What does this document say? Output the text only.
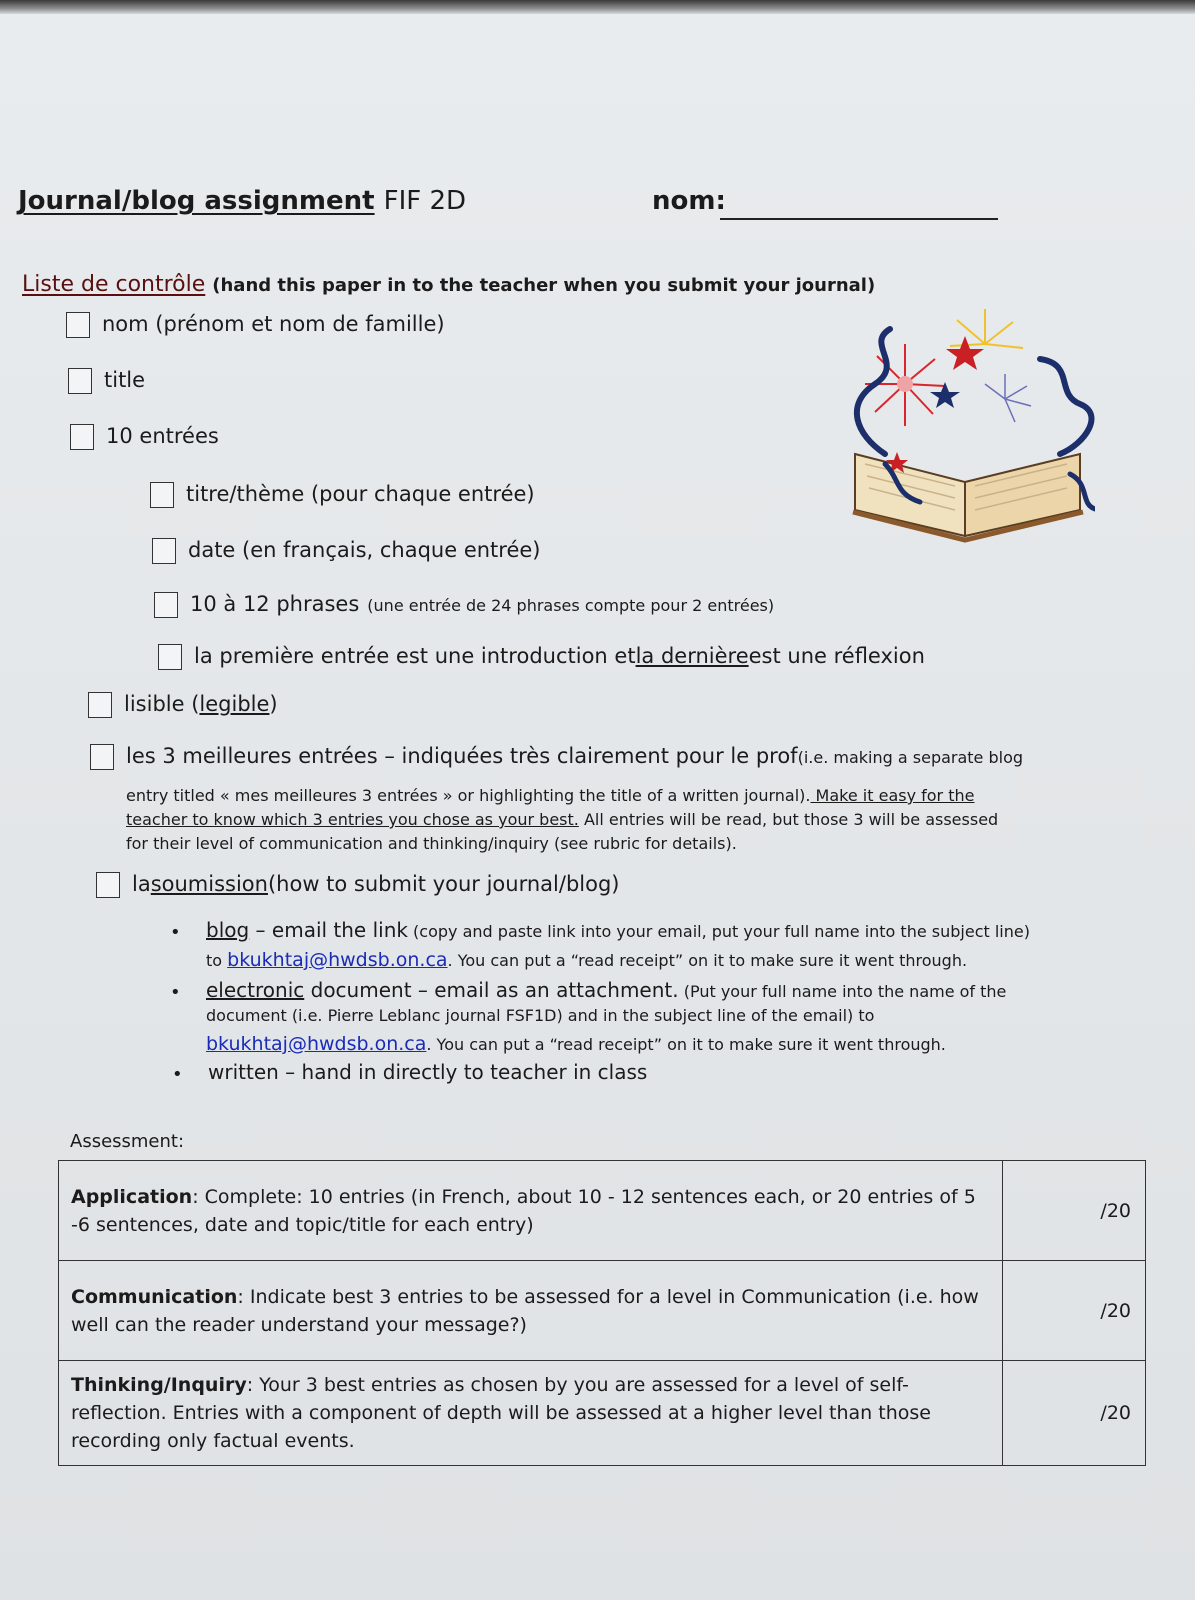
Journal/blog assignment FIF 2D	nom:
Liste de contrôle (hand this paper in to the teacher when you submit your journal)
nom (prénom et nom de famille)
title
10 entrées
titre/thème (pour chaque entrée)
date (en français, chaque entrée)
10 à 12 phrases (une entrée de 24 phrases compte pour 2 entrées)
la première entrée est une introduction et la dernière est une réflexion
lisible ( legible )
les 3 meilleures entrées – indiquées très clairement pour le prof (i.e. making a separate blog
entry titled « mes meilleures 3 entrées » or highlighting the title of a written journal). Make it easy for the
teacher to know which 3 entries you chose as your best. All entries will be read, but those 3 will be assessed
for their level of communication and thinking/inquiry (see rubric for details).
la soumission (how to submit your journal/blog)
• blog – email the link (copy and paste link into your email, put your full name into the subject line)
to bkukhtaj@hwdsb.on.ca. You can put a “read receipt” on it to make sure it went through.
• electronic document – email as an attachment. (Put your full name into the name of the
document (i.e. Pierre Leblanc journal FSF1D) and in the subject line of the email) to
bkukhtaj@hwdsb.on.ca. You can put a “read receipt” on it to make sure it went through.
• written – hand in directly to teacher in class
Assessment:
Application: Complete: 10 entries (in French, about 10 - 12 sentences each, or 20 entries of 5 -6 sentences, date and topic/title for each entry)	/20
Communication: Indicate best 3 entries to be assessed for a level in Communication (i.e. how well can the reader understand your message?)	/20
Thinking/Inquiry: Your 3 best entries as chosen by you are assessed for a level of self-reflection. Entries with a component of depth will be assessed at a higher level than those recording only factual events.	/20
